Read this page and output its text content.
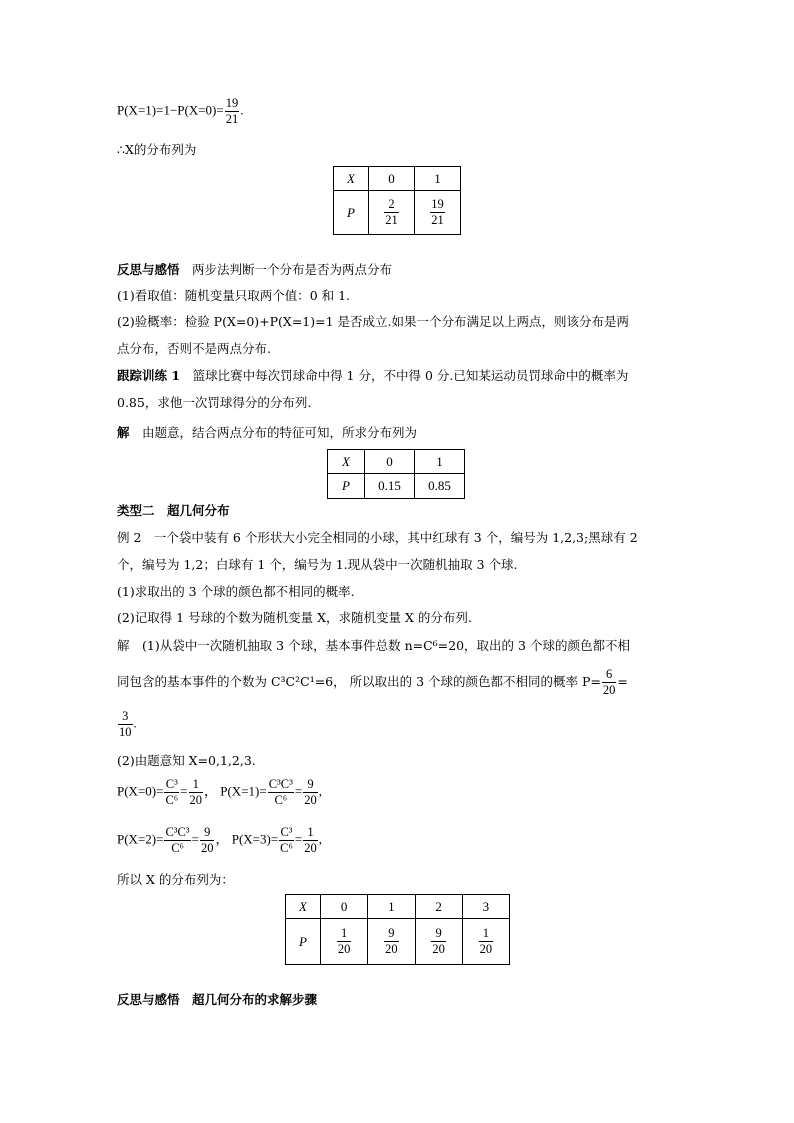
$P(X=1)=1-P(X=0)= \frac{19}{21}$ .
∴X的分布列为
X	0	1
P	$\frac{2}{21}$	$\frac{19}{21}$
反思与感悟　 两步法判断一个分布是否为两点分布
(1)看取值：随机变量只取两个值：0 和 1.
(2)验概率：检验 P(X=0)+P(X=1)=1 是否成立.如果一个分布满足以上两点，则该分布是两
点分布，否则不是两点分布.
跟踪训练 1　 篮球比赛中每次罚球命中得 1 分，不中得 0 分.已知某运动员罚球命中的概率为
0.85，求他一次罚球得分的分布列.
解　 由题意，结合两点分布的特征可知，所求分布列为
X	0	1
P	0.15	0.85
类型二　 超几何分布
例 2　一个袋中装有 6 个形状大小完全相同的小球，其中红球有 3 个，编号为 1,2,3;黑球有 2
个，编号为 1,2；白球有 1 个，编号为 1.现从袋中一次随机抽取 3 个球.
(1)求取出的 3 个球的颜色都不相同的概率.
(2)记取得 1 号球的个数为随机变量 X，求随机变量 X 的分布列.
解　(1)从袋中一次随机抽取 3 个球，基本事件总数 n=C⁶=20，取出的 3 个球的颜色都不相
同包含的基本事件的个数为 C³C²C¹=6， 所以取出的 3 个球的颜色都不相同的概率 $P= \frac{6}{20}$ =
$\frac{3}{10}$ .
(2)由题意知 X=0,1,2,3.
$P(X=0)= \frac{\text{C³}}{\text{C⁶}} = \frac{1}{20}$ ， $P(X=1)= \frac{\text{C³C³}}{\text{C⁶}} = \frac{9}{20}$ ,
$P(X=2)= \frac{\text{C³C³}}{\text{C⁶}} = \frac{9}{20}$ ， $P(X=3)= \frac{\text{C³}}{\text{C⁶}} = \frac{1}{20}$ ,
所以 X 的分布列为：
X	0	1	2	3
P	$\frac{1}{20}$	$\frac{9}{20}$	$\frac{9}{20}$	$\frac{1}{20}$
反思与感悟　 超几何分布的求解步骤
